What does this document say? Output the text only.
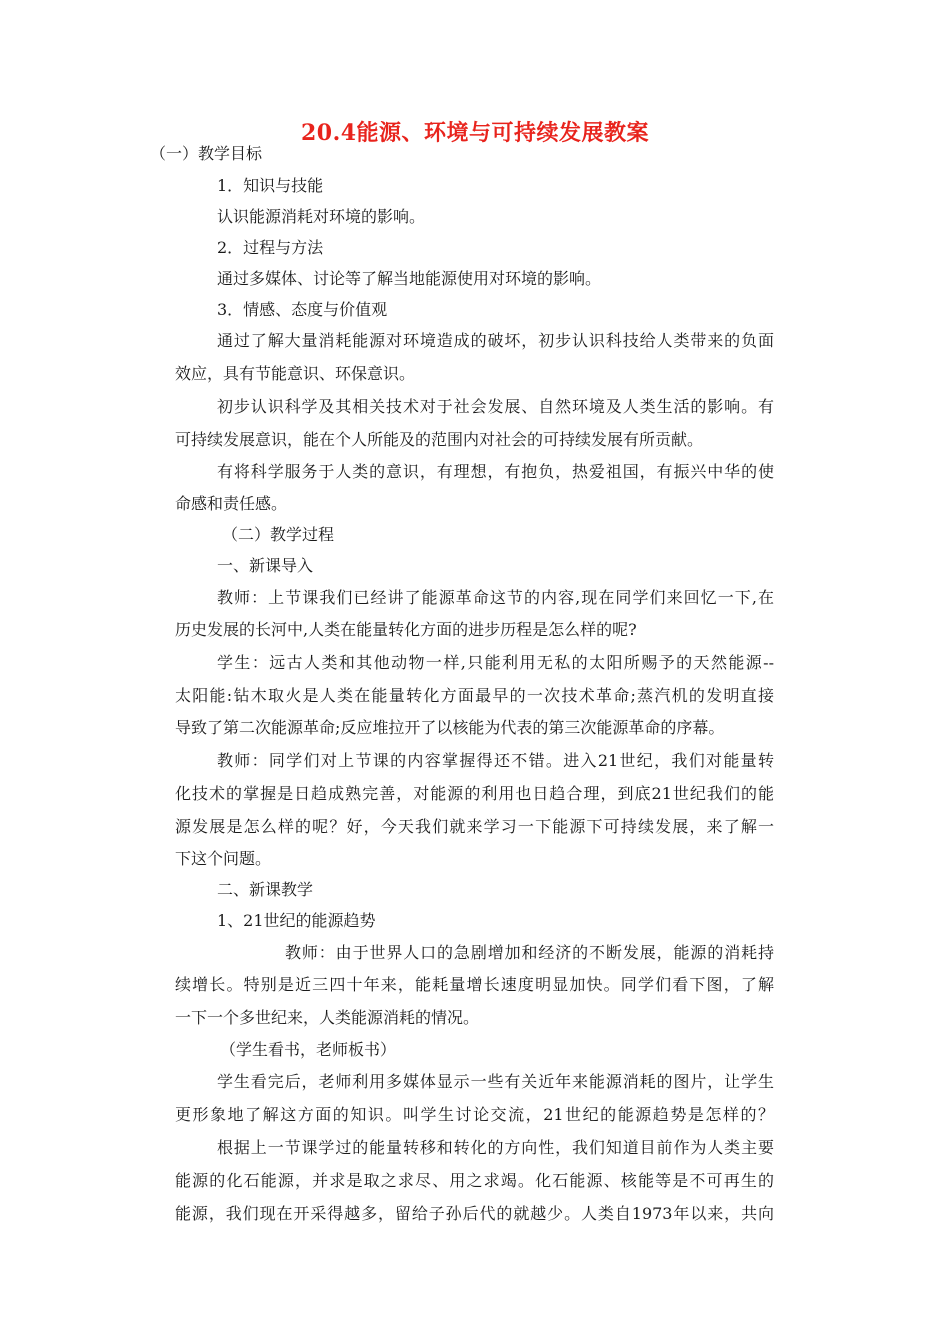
20.4能源、环境与可持续发展教案
（一）教学目标
1．知识与技能
认识能源消耗对环境的影响。
2．过程与方法
通过多媒体、讨论等了解当地能源使用对环境的影响。
3．情感、态度与价值观
通过了解大量消耗能源对环境造成的破坏，初步认识科技给人类带来的负面
效应，具有节能意识、环保意识。
初步认识科学及其相关技术对于社会发展、自然环境及人类生活的影响。有
可持续发展意识，能在个人所能及的范围内对社会的可持续发展有所贡献。
有将科学服务于人类的意识，有理想，有抱负，热爱祖国，有振兴中华的使
命感和责任感。
（二）教学过程
一、新课导入
教师：上节课我们已经讲了能源革命这节的内容,现在同学们来回忆一下,在
历史发展的长河中,人类在能量转化方面的进步历程是怎么样的呢?
学生：远古人类和其他动物一样,只能利用无私的太阳所赐予的天然能源--
太阳能:钻木取火是人类在能量转化方面最早的一次技术革命;蒸汽机的发明直接
导致了第二次能源革命;反应堆拉开了以核能为代表的第三次能源革命的序幕。
教师：同学们对上节课的内容掌握得还不错。进入21世纪，我们对能量转
化技术的掌握是日趋成熟完善，对能源的利用也日趋合理，到底21世纪我们的能
源发展是怎么样的呢？好，今天我们就来学习一下能源下可持续发展，来了解一
下这个问题。
二、新课教学
1、21世纪的能源趋势
教师：由于世界人口的急剧增加和经济的不断发展，能源的消耗持
续增长。特别是近三四十年来，能耗量增长速度明显加快。同学们看下图，了解
一下一个多世纪来，人类能源消耗的情况。
（学生看书，老师板书）
学生看完后，老师利用多媒体显示一些有关近年来能源消耗的图片，让学生
更形象地了解这方面的知识。叫学生讨论交流，21世纪的能源趋势是怎样的？
根据上一节课学过的能量转移和转化的方向性，我们知道目前作为人类主要
能源的化石能源，并求是取之求尽、用之求竭。化石能源、核能等是不可再生的
能源，我们现在开采得越多，留给子孙后代的就越少。人类自1973年以来，共向
